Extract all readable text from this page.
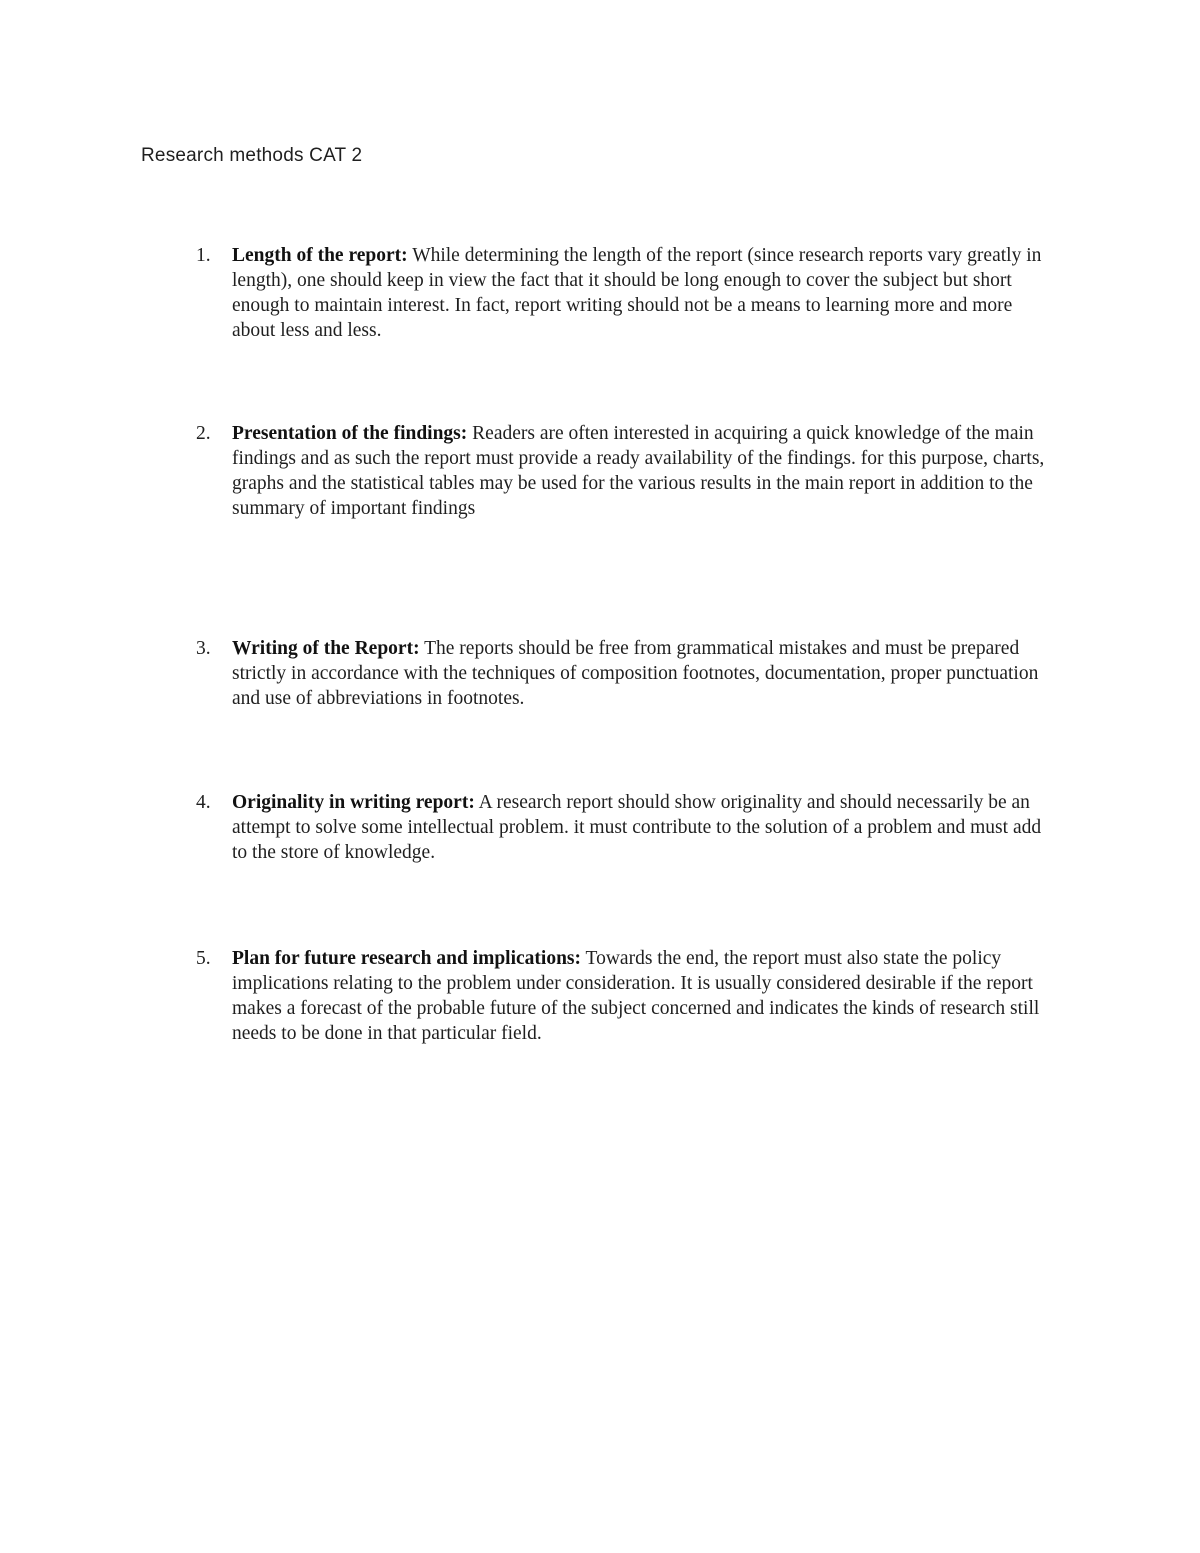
Research methods CAT 2
1.	Length of the report: While determining the length of the report (since research reports vary greatly in length), one should keep in view the fact that it should be long enough to cover the subject but short enough to maintain interest. In fact, report writing should not be a means to learning more and more about less and less.
2.	Presentation of the findings: Readers are often interested in acquiring a quick knowledge of the main findings and as such the report must provide a ready availability of the findings. for this purpose, charts, graphs and the statistical tables may be used for the various results in the main report in addition to the summary of important findings
3.	Writing of the Report: The reports should be free from grammatical mistakes and must be prepared strictly in accordance with the techniques of composition footnotes, documentation, proper punctuation and use of abbreviations in footnotes.
4.	Originality in writing report: A research report should show originality and should necessarily be an attempt to solve some intellectual problem. it must contribute to the solution of a problem and must add to the store of knowledge.
5.	Plan for future research and implications: Towards the end, the report must also state the policy implications relating to the problem under consideration. It is usually considered desirable if the report makes a forecast of the probable future of the subject concerned and indicates the kinds of research still needs to be done in that particular field.
